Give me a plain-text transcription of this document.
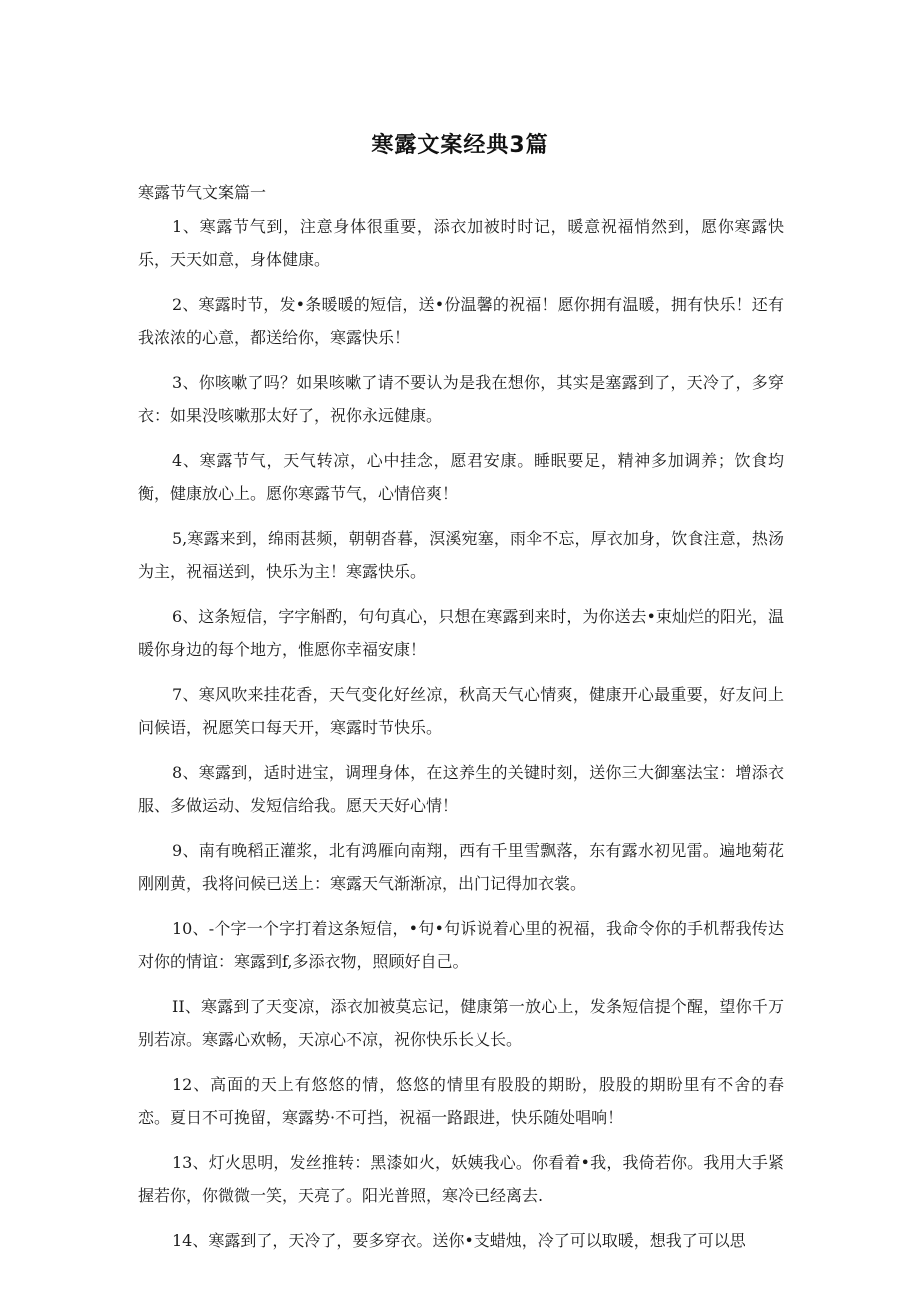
寒露文案经典3篇

寒露节气文案篇一

1、寒露节气到，注意身体很重要，添衣加被时时记，暖意祝福悄然到，愿你寒露快乐，天天如意，身体健康。

2、寒露时节，发•条暖暖的短信，送•份温馨的祝福！愿你拥有温暖，拥有快乐！还有我浓浓的心意，都送给你，寒露快乐！

3、你咳嗽了吗？如果咳嗽了请不要认为是我在想你，其实是塞露到了，天冷了，多穿衣：如果没咳嗽那太好了，祝你永远健康。

4、寒露节气，天气转凉，心中挂念，愿君安康。睡眠要足，精神多加调养；饮食均衡，健康放心上。愿你寒露节气，心情倍爽！

5,寒露来到，绵雨甚频，朝朝沓暮，溟溪宛塞，雨伞不忘，厚衣加身，饮食注意，热汤为主，祝福送到，快乐为主！寒露快乐。

6、这条短信，字字斛酌，句句真心，只想在寒露到来时，为你送去•束灿烂的阳光，温暖你身边的每个地方，惟愿你幸福安康！

7、寒风吹来挂花香，天气变化好丝凉，秋高天气心情爽，健康开心最重要，好友问上问候语，祝愿笑口每天开，寒露时节快乐。

8、寒露到，适时进宝，调理身体，在这养生的关键时刻，送你三大御塞法宝：增添衣服、多做运动、发短信给我。愿天天好心情！

9、南有晚稻正灌浆，北有鸿雁向南翔，西有千里雪飘落，东有露水初见雷。遍地菊花刚刚黄，我将问候已送上：寒露天气渐渐凉，出门记得加衣裳。

10、-个字一个字打着这条短信，•句•句诉说着心里的祝福，我命令你的手机帮我传达对你的情谊：寒露到f,多添衣物，照顾好自己。

II、寒露到了天变凉，添衣加被莫忘记，健康第一放心上，发条短信提个醒，望你千万别若凉。寒露心欢畅，天凉心不凉，祝你快乐长乂长。

12、高面的天上有悠悠的情，悠悠的情里有股股的期盼，股股的期盼里有不舍的春恋。夏日不可挽留，寒露势·不可挡，祝福一路跟进，快乐随处唱响！

13、灯火思明，发丝推转：黑漆如火，妖姨我心。你看着•我，我倚若你。我用大手紧握若你，你微微一笑，天亮了。阳光普照，寒冷已经离去.

14、寒露到了，天冷了，要多穿衣。送你•支蜡烛，冷了可以取暖，想我了可以思
